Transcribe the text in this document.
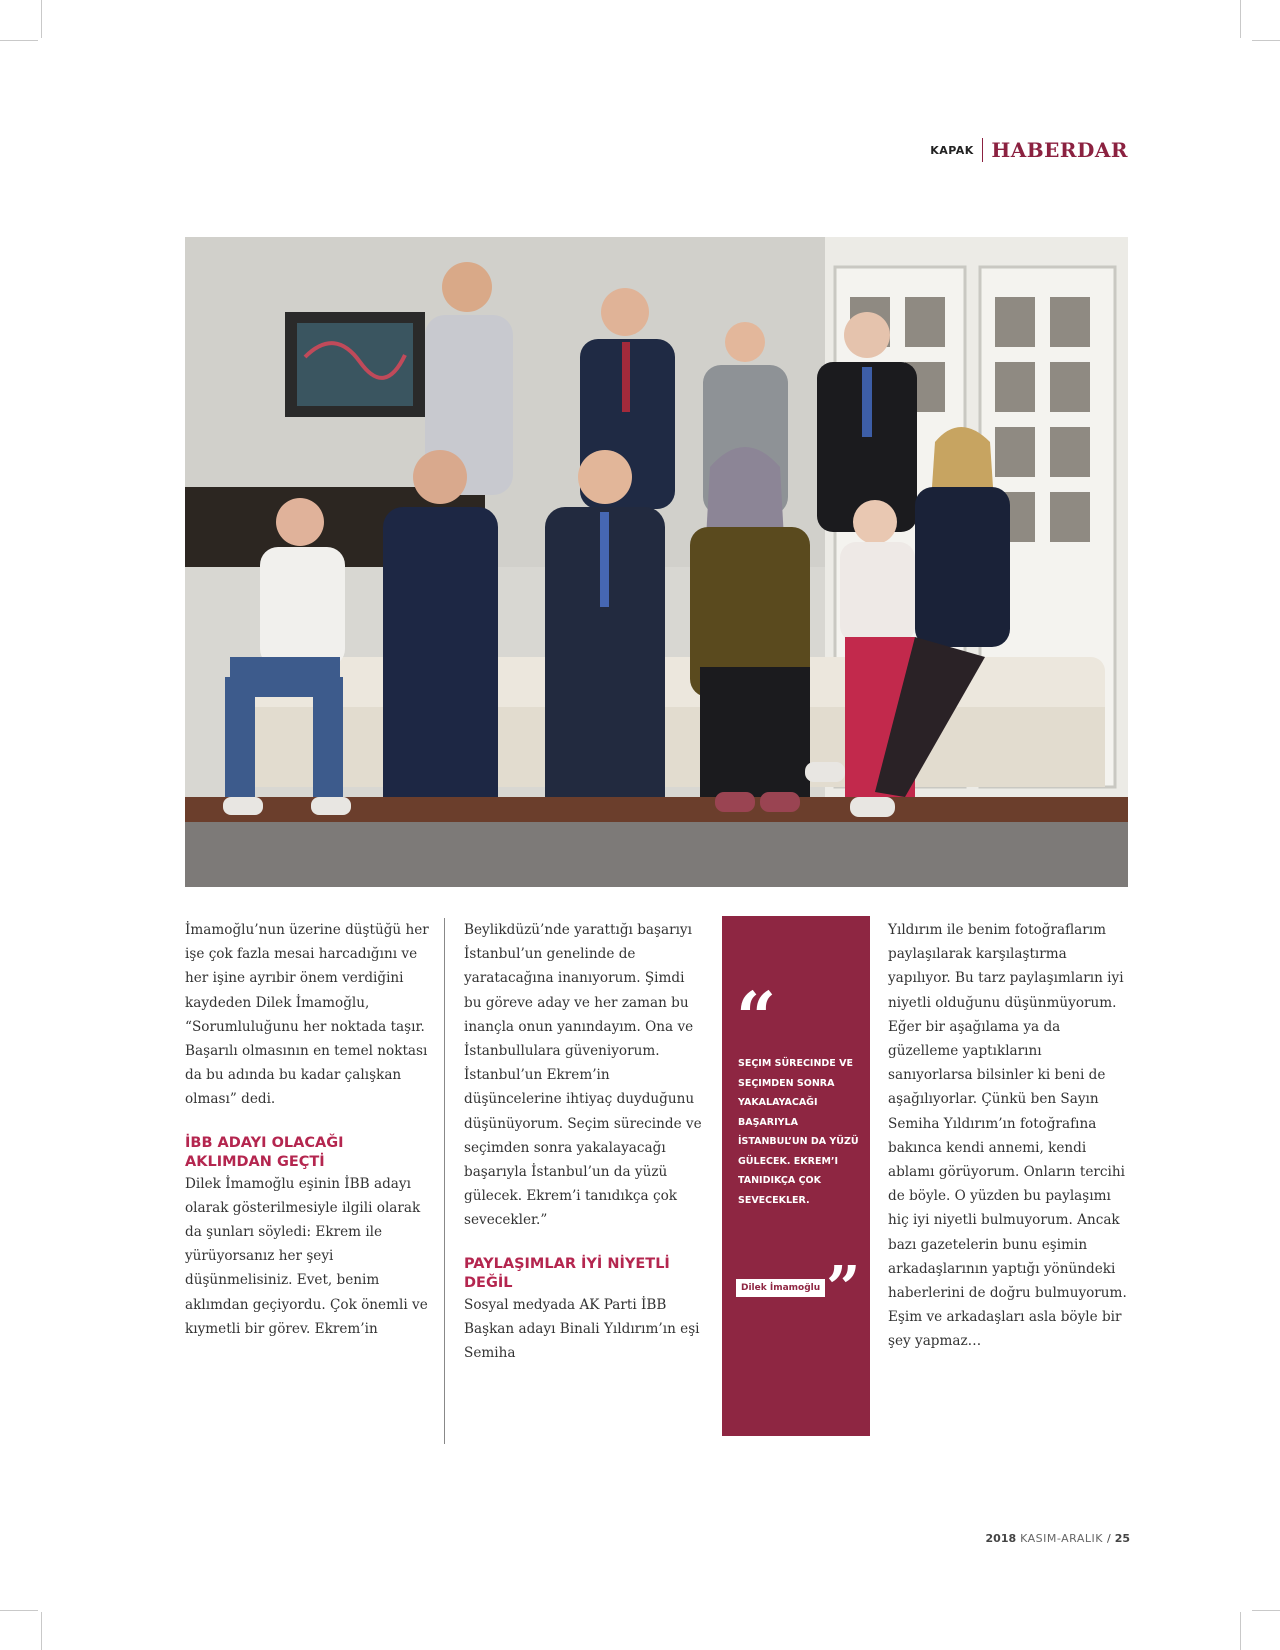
KAPAK HABERDAR

İmamoğlu’nun üzerine düştüğü her işe çok fazla mesai harcadığını ve her işine ayrıbir önem verdiğini kaydeden Dilek İmamoğlu, “Sorumluluğunu her noktada taşır. Başarılı olmasının en temel noktası da bu adında bu kadar çalışkan olması” dedi.

İBB ADAYI OLACAĞI AKLIMDAN GEÇTİ

Dilek İmamoğlu eşinin İBB adayı olarak gösterilmesiyle ilgili olarak da şunları söyledi: Ekrem ile yürüyorsanız her şeyi düşünmelisiniz. Evet, benim aklımdan geçiyordu. Çok önemli ve kıymetli bir görev. Ekrem’in

Beylikdüzü’nde yarattığı başarıyı İstanbul’un genelinde de yaratacağına inanıyorum. Şimdi bu göreve aday ve her zaman bu inançla onun yanındayım. Ona ve İstanbullulara güveniyorum. İstanbul’un Ekrem’in düşüncelerine ihtiyaç duyduğunu düşünüyorum. Seçim sürecinde ve seçimden sonra yakalayacağı başarıyla İstanbul’un da yüzü gülecek. Ekrem’i tanıdıkça çok sevecekler.”

PAYLAŞIMLAR İYİ NİYETLİ DEĞİL

Sosyal medyada AK Parti İBB Başkan adayı Binali Yıldırım’ın eşi Semiha

“
SEÇIM SÜRECINDE VE SEÇIMDEN SONRA YAKALAYACAĞI BAŞARIYLA İSTANBUL’UN DA YÜZÜ GÜLECEK. EKREM’I TANIDIKÇA ÇOK SEVECEKLER.
Dilek İmamoğlu ”

Yıldırım ile benim fotoğraflarım paylaşılarak karşılaştırma yapılıyor. Bu tarz paylaşımların iyi niyetli olduğunu düşünmüyorum. Eğer bir aşağılama ya da güzelleme yaptıklarını sanıyorlarsa bilsinler ki beni de aşağılıyorlar. Çünkü ben Sayın Semiha Yıldırım’ın fotoğrafına bakınca kendi annemi, kendi ablamı görüyorum. Onların tercihi de böyle. O yüzden bu paylaşımı hiç iyi niyetli bulmuyorum. Ancak bazı gazetelerin bunu eşimin arkadaşlarının yaptığı yönündeki haberlerini de doğru bulmuyorum. Eşim ve arkadaşları asla böyle bir şey yapmaz…

2018 KASIM-ARALIK / 25
